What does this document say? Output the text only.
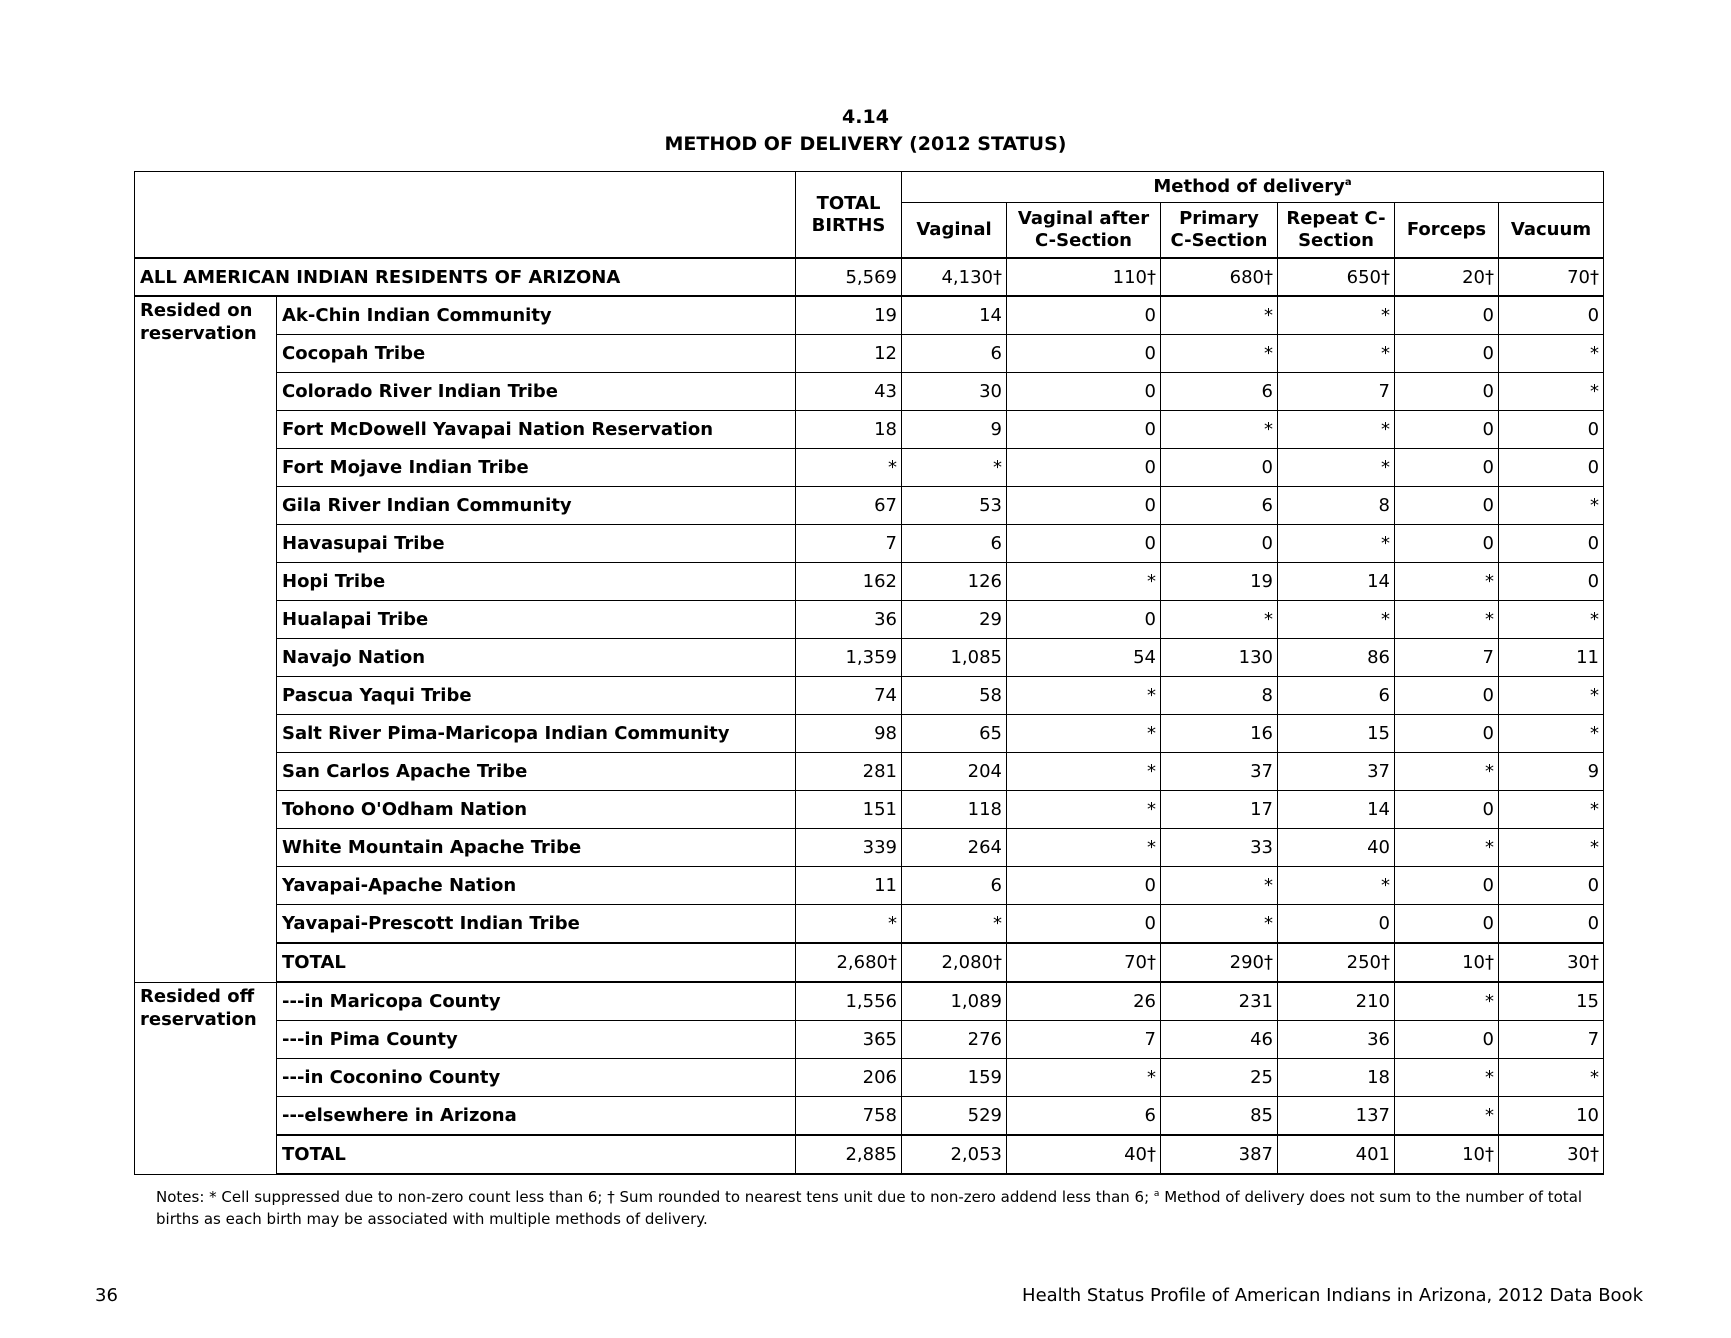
4.14
METHOD OF DELIVERY (2012 STATUS)
		TOTAL BIRTHS	Method of delivery$^a$
			Vaginal	Vaginal after C-Section	Primary C-Section	Repeat C-Section	Forceps	Vacuum
ALL AMERICAN INDIAN RESIDENTS OF ARIZONA		5,569	4,130†	110†	680†	650†	20†	70†
Resided on reservation	Ak-Chin Indian Community	19	14	0	*	*	0	0
	Cocopah Tribe	12	6	0	*	*	0	*
	Colorado River Indian Tribe	43	30	0	6	7	0	*
	Fort McDowell Yavapai Nation Reservation	18	9	0	*	*	0	0
	Fort Mojave Indian Tribe	*	*	0	0	*	0	0
	Gila River Indian Community	67	53	0	6	8	0	*
	Havasupai Tribe	7	6	0	0	*	0	0
	Hopi Tribe	162	126	*	19	14	*	0
	Hualapai Tribe	36	29	0	*	*	*	*
	Navajo Nation	1,359	1,085	54	130	86	7	11
	Pascua Yaqui Tribe	74	58	*	8	6	0	*
	Salt River Pima-Maricopa Indian Community	98	65	*	16	15	0	*
	San Carlos Apache Tribe	281	204	*	37	37	*	9
	Tohono O'Odham Nation	151	118	*	17	14	0	*
	White Mountain Apache Tribe	339	264	*	33	40	*	*
	Yavapai-Apache Nation	11	6	0	*	*	0	0
	Yavapai-Prescott Indian Tribe	*	*	0	*	0	0	0
	TOTAL	2,680†	2,080†	70†	290†	250†	10†	30†
Resided off reservation	---in Maricopa County	1,556	1,089	26	231	210	*	15
	---in Pima County	365	276	7	46	36	0	7
	---in Coconino County	206	159	*	25	18	*	*
	---elsewhere in Arizona	758	529	6	85	137	*	10
	TOTAL	2,885	2,053	40†	387	401	10†	30†
Notes: * Cell suppressed due to non-zero count less than 6; † Sum rounded to nearest tens unit due to non-zero addend less than 6; $^a$ Method of delivery does not sum to the number of total births as each birth may be associated with multiple methods of delivery.
36	Health Status Profile of American Indians in Arizona, 2012 Data Book
